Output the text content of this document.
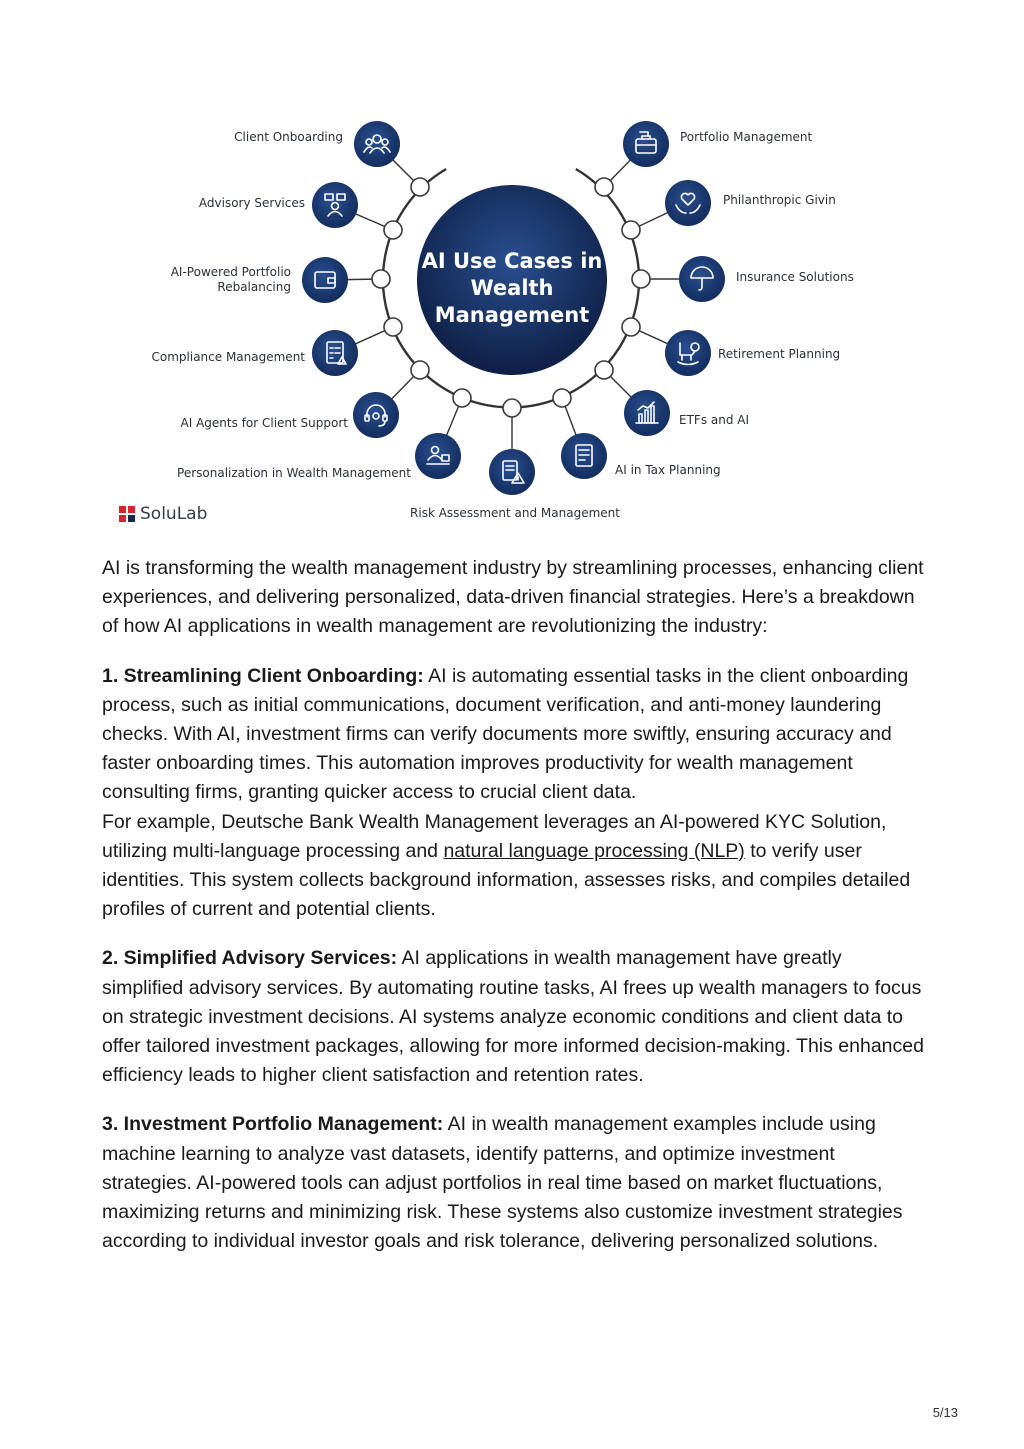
AI Use Cases in
Wealth
Management
Client Onboarding
Advisory Services
AI-Powered Portfolio
Rebalancing
Compliance Management
AI Agents for Client Support
Personalization in Wealth Management
Portfolio Management
Philanthropic Givin
Insurance Solutions
Retirement Planning
ETFs and AI
AI in Tax Planning
Risk Assessment and Management
SoluLab

AI is transforming the wealth management industry by streamlining processes, enhancing client experiences, and delivering personalized, data-driven financial strategies. Here’s a breakdown of how AI applications in wealth management are revolutionizing the industry:

1. Streamlining Client Onboarding: AI is automating essential tasks in the client onboarding process, such as initial communications, document verification, and anti-money laundering checks. With AI, investment firms can verify documents more swiftly, ensuring accuracy and faster onboarding times. This automation improves productivity for wealth management consulting firms, granting quicker access to crucial client data.
For example, Deutsche Bank Wealth Management leverages an AI-powered KYC Solution, utilizing multi-language processing and natural language processing (NLP) to verify user identities. This system collects background information, assesses risks, and compiles detailed profiles of current and potential clients.

2. Simplified Advisory Services: AI applications in wealth management have greatly simplified advisory services. By automating routine tasks, AI frees up wealth managers to focus on strategic investment decisions. AI systems analyze economic conditions and client data to offer tailored investment packages, allowing for more informed decision-making. This enhanced efficiency leads to higher client satisfaction and retention rates.

3. Investment Portfolio Management: AI in wealth management examples include using machine learning to analyze vast datasets, identify patterns, and optimize investment strategies. AI-powered tools can adjust portfolios in real time based on market fluctuations, maximizing returns and minimizing risk. These systems also customize investment strategies according to individual investor goals and risk tolerance, delivering personalized solutions.

5/13
